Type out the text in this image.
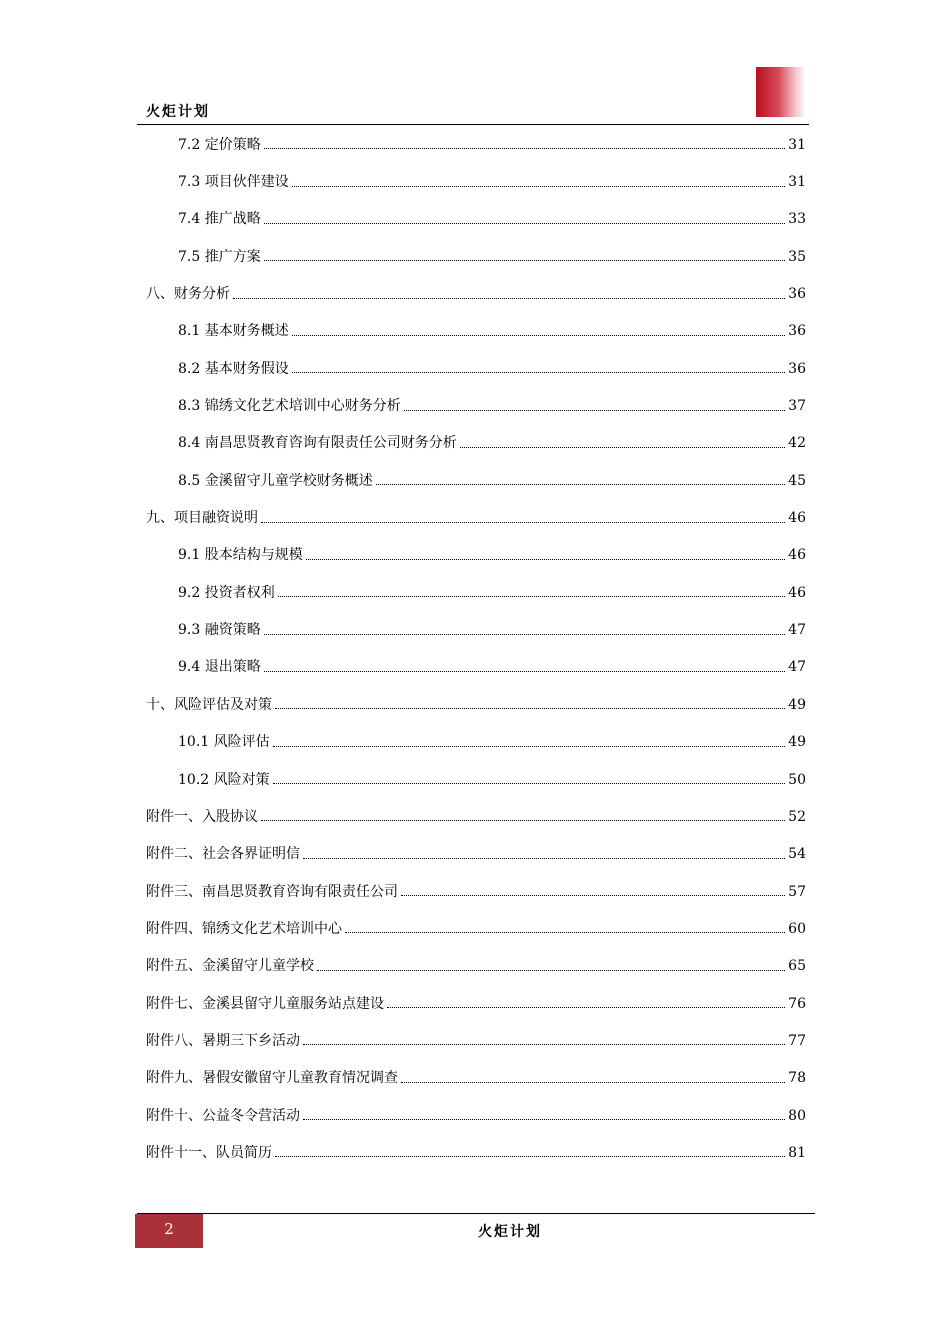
火炬计划
7.2 定价策略	31
7.3 项目伙伴建设	31
7.4 推广战略	33
7.5 推广方案	35
八、财务分析	36
8.1 基本财务概述	36
8.2 基本财务假设	36
8.3 锦绣文化艺术培训中心财务分析	37
8.4 南昌思贤教育咨询有限责任公司财务分析	42
8.5 金溪留守儿童学校财务概述	45
九、项目融资说明	46
9.1 股本结构与规模	46
9.2 投资者权利	46
9.3 融资策略	47
9.4 退出策略	47
十、风险评估及对策	49
10.1 风险评估	49
10.2 风险对策	50
附件一、入股协议	52
附件二、社会各界证明信	54
附件三、南昌思贤教育咨询有限责任公司	57
附件四、锦绣文化艺术培训中心	60
附件五、金溪留守儿童学校	65
附件七、金溪县留守儿童服务站点建设	76
附件八、暑期三下乡活动	77
附件九、暑假安徽留守儿童教育情况调查	78
附件十、公益冬令营活动	80
附件十一、队员简历	81
2	火炬计划
